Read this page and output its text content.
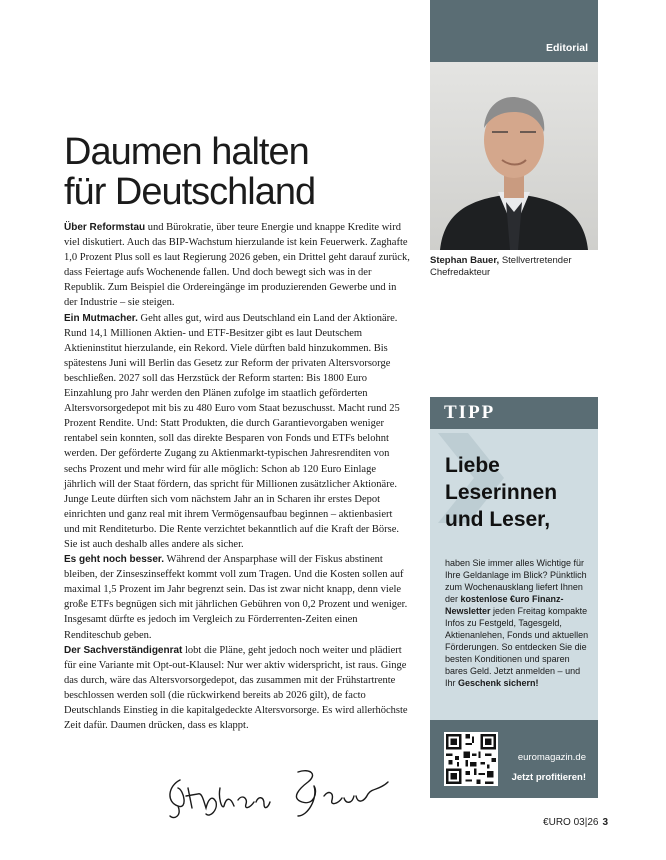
Daumen halten
für Deutschland

Über Reformstau und Bürokratie, über teure Energie und knappe Kredite wird viel diskutiert. Auch das BIP-Wachstum hierzulande ist kein Feuerwerk. Zaghafte 1,0 Prozent Plus soll es laut Regierung 2026 geben, ein Drittel geht darauf zurück, dass Feiertage aufs Wochenende fallen. Und doch bewegt sich was in der Republik. Zum Beispiel die Ordereingänge im produzierenden Gewerbe und in der Industrie – sie steigen.

Ein Mutmacher. Geht alles gut, wird aus Deutschland ein Land der Aktionäre. Rund 14,1 Millionen Aktien- und ETF-Besitzer gibt es laut Deutschem Aktieninstitut hierzulande, ein Rekord. Viele dürften bald hinzukommen. Bis spätestens Juni will Berlin das Gesetz zur Reform der privaten Altersvorsorge beschließen. 2027 soll das Herzstück der Reform starten: Bis 1800 Euro Einzahlung pro Jahr werden den Plänen zufolge im staatlich geförderten Altersvorsorgedepot mit bis zu 480 Euro vom Staat bezuschusst. Macht rund 25 Prozent Rendite. Und: Statt Produkten, die durch Garantievorgaben weniger rentabel sein konnten, soll das direkte Besparen von Fonds und ETFs belohnt werden. Der geförderte Zugang zu Aktienmarkt-typischen Jahresrenditen von sechs Prozent und mehr wird für alle möglich: Schon ab 120 Euro Einlage jährlich will der Staat fördern, das spricht für Millionen zusätzlicher Aktionäre. Junge Leute dürften sich vom nächstem Jahr an in Scharen ihr erstes Depot einrichten und ganz real mit ihrem Vermögensaufbau beginnen – aktienbasiert und mit Renditeturbo. Die Rente verzichtet bekanntlich auf die Kraft der Börse. Sie ist auch deshalb alles andere als sicher.

Es geht noch besser. Während der Ansparphase will der Fiskus abstinent bleiben, der Zinseszinseffekt kommt voll zum Tragen. Und die Kosten sollen auf maximal 1,5 Prozent im Jahr begrenzt sein. Das ist zwar nicht knapp, denn viele große ETFs begnügen sich mit jährlichen Gebühren von 0,2 Prozent und weniger. Insgesamt dürfte es jedoch im Vergleich zu Förderrenten-Zeiten einen Renditeschub geben.

Der Sachverständigenrat lobt die Pläne, geht jedoch noch weiter und plädiert für eine Variante mit Opt-out-Klausel: Nur wer aktiv widerspricht, ist raus. Ginge das durch, wäre das Altersvorsorgedepot, das zusammen mit der Frühstartrente beschlossen werden soll (die rückwirkend bereits ab 2026 gilt), de facto Deutschlands Einstieg in die kapitalgedeckte Altersvorsorge. Es wird allerhöchste Zeit dafür. Daumen drücken, dass es klappt.

Editorial
Stephan Bauer, Stellvertretender Chefredakteur
TIPP
Liebe
Leserinnen
und Leser,
haben Sie immer alles Wichtige für Ihre Geldanlage im Blick? Pünktlich zum Wochenausklang liefert Ihnen der kostenlose €uro Finanz-Newsletter jeden Freitag kompakte Infos zu Festgeld, Tagesgeld, Aktienanlehen, Fonds und aktuellen Förderungen. So entdecken Sie die besten Konditionen und sparen bares Geld. Jetzt anmelden – und Ihr Geschenk sichern!
euromagazin.de
Jetzt profitieren!
€URO 03|26 3
